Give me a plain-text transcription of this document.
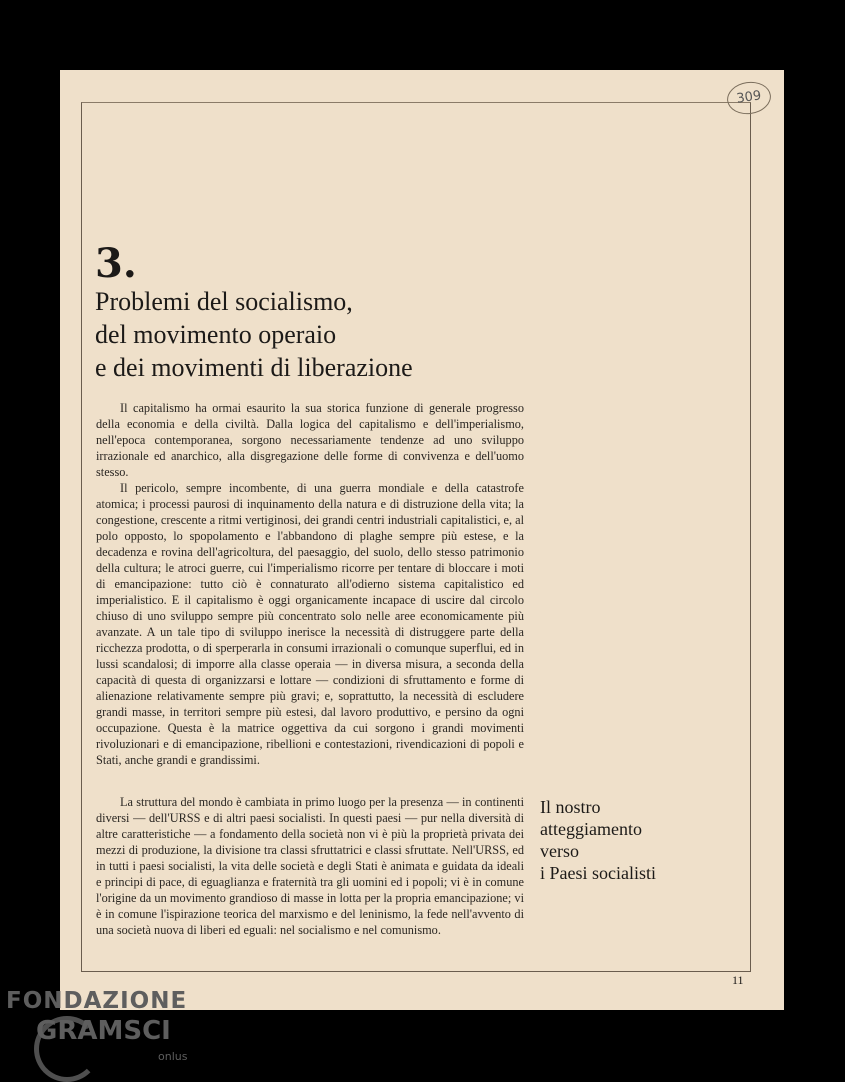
309
3.
Problemi del socialismo,
del movimento operaio
e dei movimenti di liberazione

Il capitalismo ha ormai esaurito la sua storica funzione di generale progresso della economia e della civiltà. Dalla logica del capitalismo e dell'imperialismo, nell'epoca contemporanea, sorgono necessariamente tendenze ad uno sviluppo irrazionale ed anarchico, alla disgregazione delle forme di convivenza e dell'uomo stesso.

Il pericolo, sempre incombente, di una guerra mondiale e della catastrofe atomica; i processi paurosi di inquinamento della natura e di distruzione della vita; la congestione, crescente a ritmi vertiginosi, dei grandi centri industriali capitalistici, e, al polo opposto, lo spopolamento e l'abbandono di plaghe sempre più estese, e la decadenza e rovina dell'agricoltura, del paesaggio, del suolo, dello stesso patrimonio della cultura; le atroci guerre, cui l'imperialismo ricorre per tentare di bloccare i moti di emancipazione: tutto ciò è connaturato all'odierno sistema capitalistico ed imperialistico. E il capitalismo è oggi organicamente incapace di uscire dal circolo chiuso di uno sviluppo sempre più concentrato solo nelle aree economicamente più avanzate. A un tale tipo di sviluppo inerisce la necessità di distruggere parte della ricchezza prodotta, o di sperperarla in consumi irrazionali o comunque superflui, ed in lussi scandalosi; di imporre alla classe operaia — in diversa misura, a seconda della capacità di questa di organizzarsi e lottare — condizioni di sfruttamento e forme di alienazione relativamente sempre più gravi; e, soprattutto, la necessità di escludere grandi masse, in territori sempre più estesi, dal lavoro produttivo, e persino da ogni occupazione. Questa è la matrice oggettiva da cui sorgono i grandi movimenti rivoluzionari e di emancipazione, ribellioni e contestazioni, rivendicazioni di popoli e Stati, anche grandi e grandissimi.

La struttura del mondo è cambiata in primo luogo per la presenza — in continenti diversi — dell'URSS e di altri paesi socialisti. In questi paesi — pur nella diversità di altre caratteristiche — a fondamento della società non vi è più la proprietà privata dei mezzi di produzione, la divisione tra classi sfruttatrici e classi sfruttate. Nell'URSS, ed in tutti i paesi socialisti, la vita delle società e degli Stati è animata e guidata da ideali e principi di pace, di eguaglianza e fraternità tra gli uomini ed i popoli; vi è in comune l'origine da un movimento grandioso di masse in lotta per la propria emancipazione; vi è in comune l'ispirazione teorica del marxismo e del leninismo, la fede nell'avvento di una società nuova di liberi ed eguali: nel socialismo e nel comunismo.

Il nostro
atteggiamento
verso
i Paesi socialisti
11
FONDAZIONE
GRAMSCI
onlus
